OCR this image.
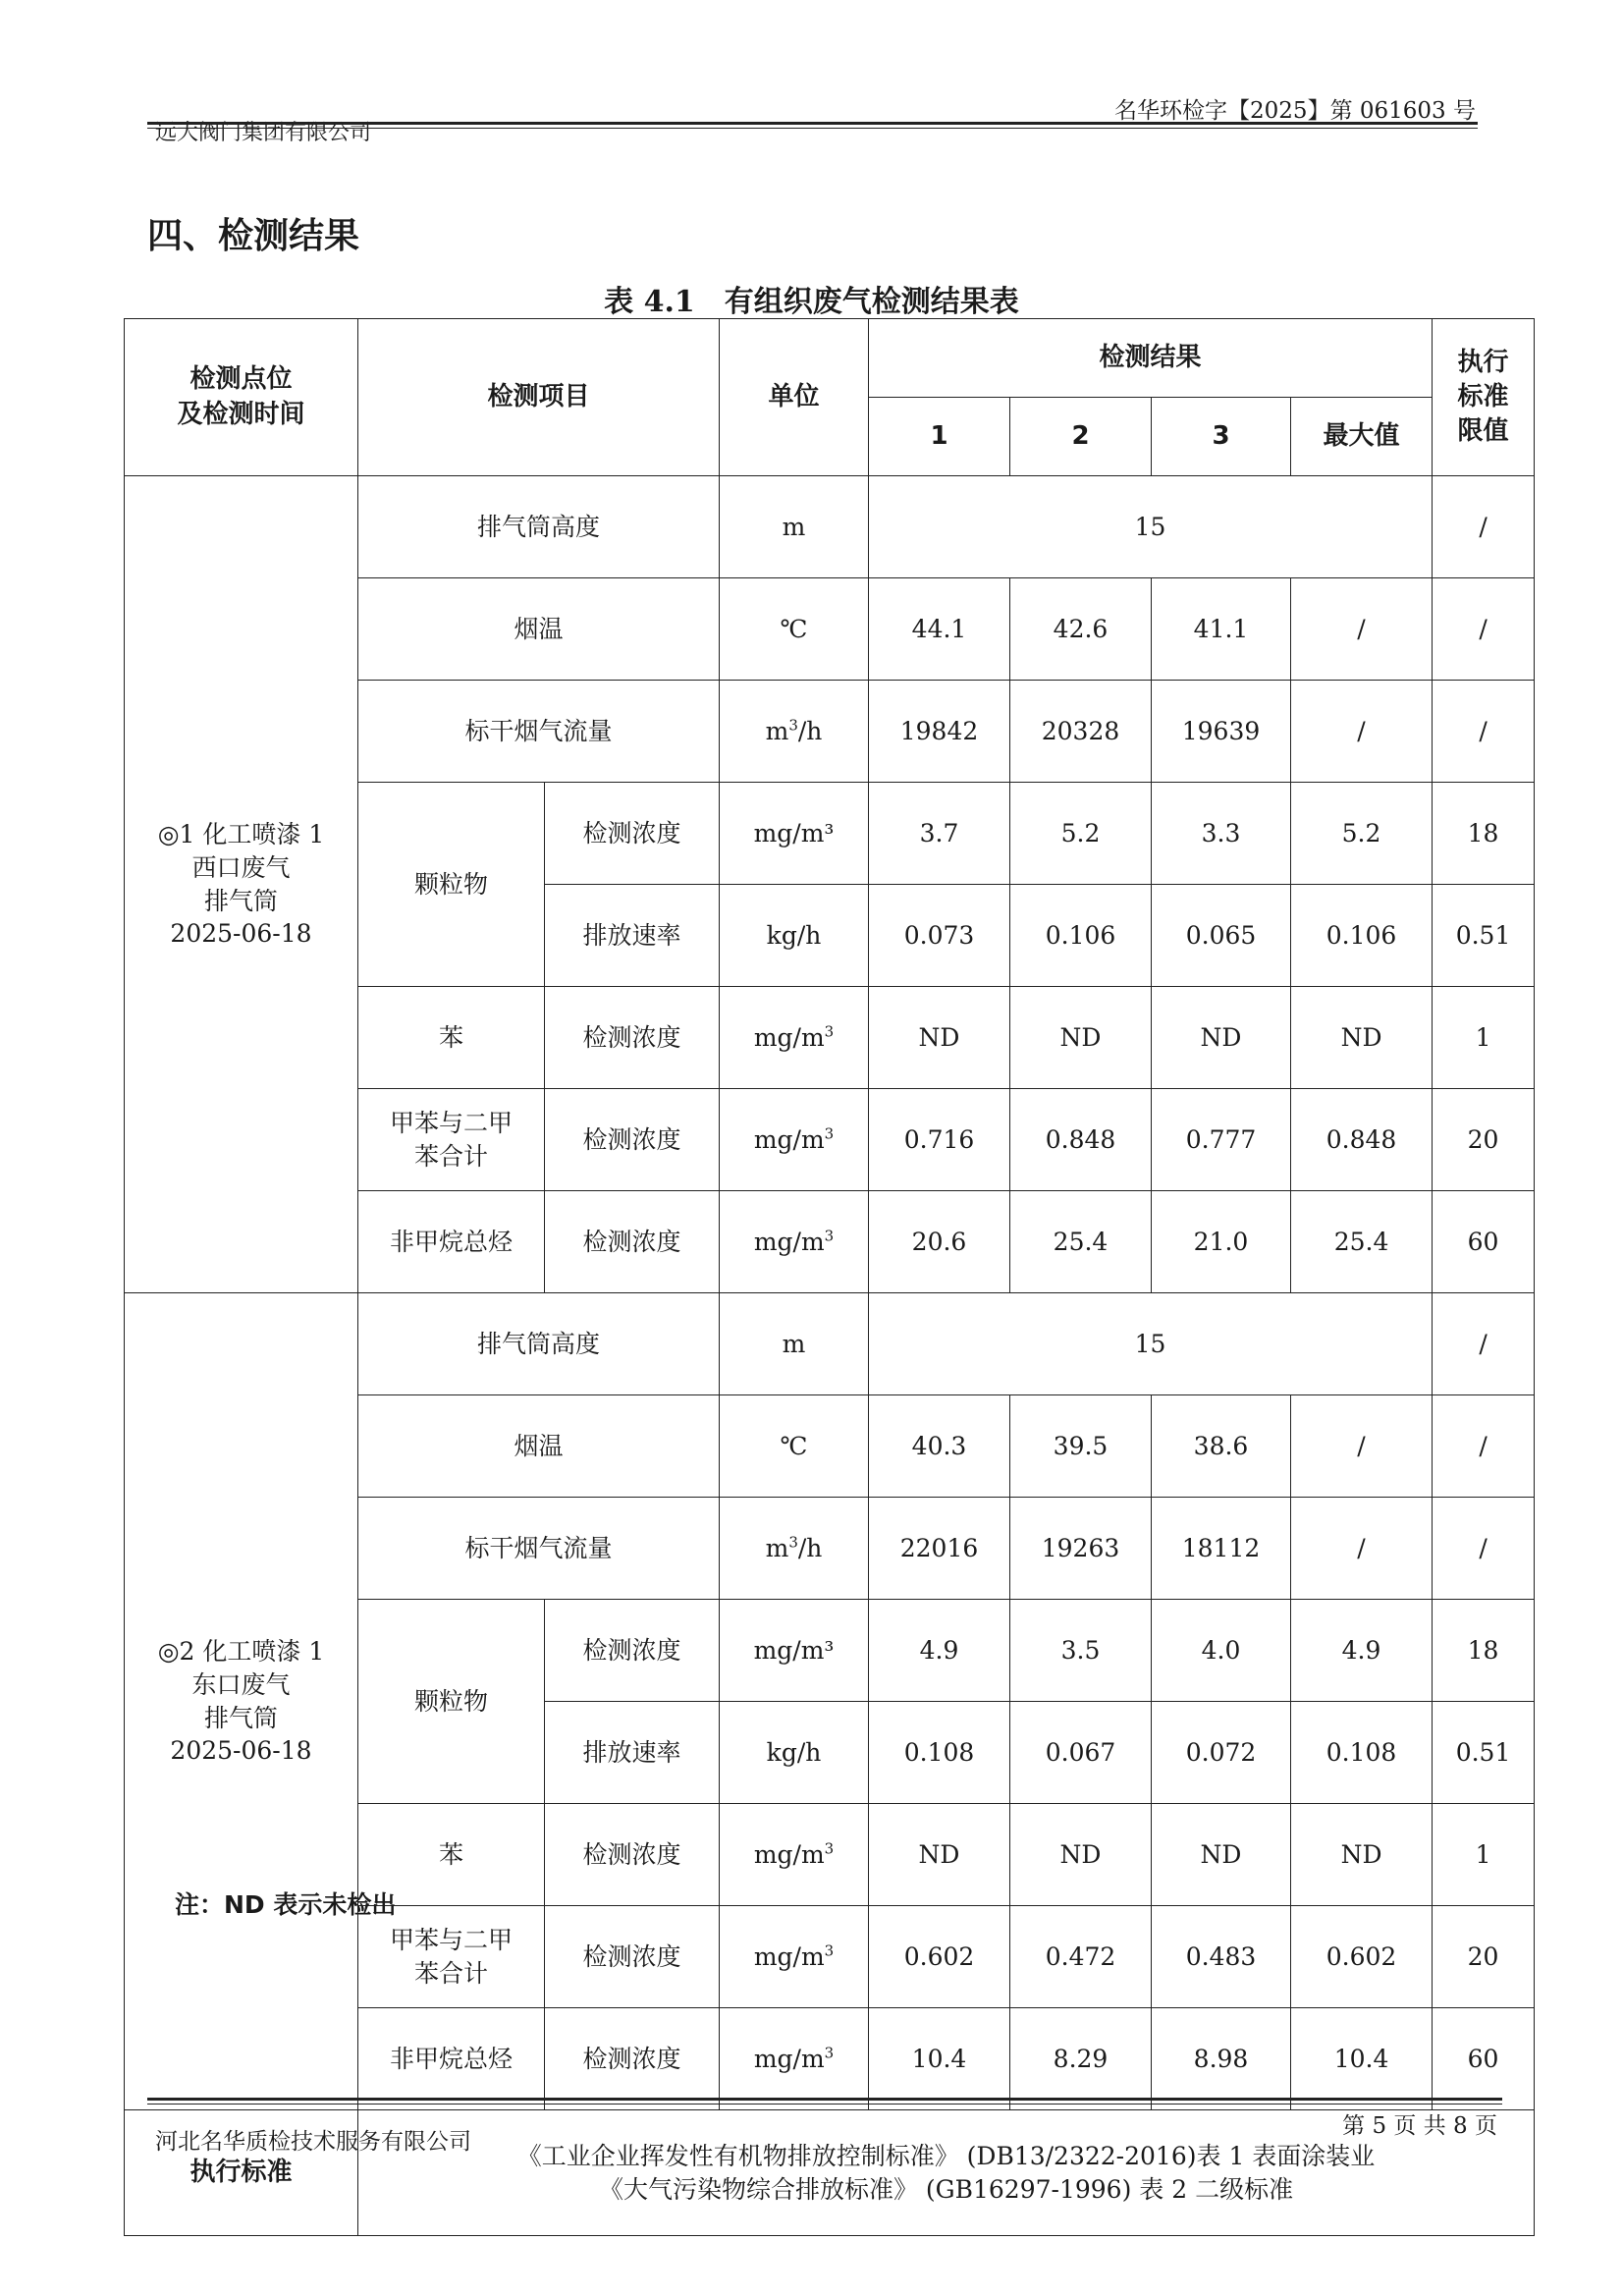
远大阀门集团有限公司
名华环检字【2025】第 061603 号
四、检测结果
表 4.1　有组织废气检测结果表
检测点位
及检测时间	检测项目		单位	检测结果				执行
标准
限值
				1	2	3	最大值	
◎1 化工喷漆 1
西口废气
排气筒
2025-06-18	排气筒高度		m	15				/
	烟温		℃	44.1	42.6	41.1	/	/
	标干烟气流量		$m^3/h$	19842	20328	19639	/	/
	颗粒物	检测浓度	mg/m³	3.7	5.2	3.3	5.2	18
		排放速率	kg/h	0.073	0.106	0.065	0.106	0.51
	苯	检测浓度	$mg/m^3$	ND	ND	ND	ND	1
	甲苯与二甲
苯合计	检测浓度	$mg/m^3$	0.716	0.848	0.777	0.848	20
	非甲烷总烃	检测浓度	$mg/m^3$	20.6	25.4	21.0	25.4	60
◎2 化工喷漆 1
东口废气
排气筒
2025-06-18	排气筒高度		m	15				/
	烟温		℃	40.3	39.5	38.6	/	/
	标干烟气流量		$m^3/h$	22016	19263	18112	/	/
	颗粒物	检测浓度	mg/m³	4.9	3.5	4.0	4.9	18
		排放速率	kg/h	0.108	0.067	0.072	0.108	0.51
	苯	检测浓度	$mg/m^3$	ND	ND	ND	ND	1
	甲苯与二甲
苯合计	检测浓度	$mg/m^3$	0.602	0.472	0.483	0.602	20
	非甲烷总烃	检测浓度	$mg/m^3$	10.4	8.29	8.98	10.4	60
执行标准	《工业企业挥发性有机物排放控制标准》 (DB13/2322-2016)表 1 表面涂装业
《大气污染物综合排放标准》 (GB16297-1996) 表 2 二级标准							
注：ND 表示未检出
河北名华质检技术服务有限公司
第 5 页 共 8 页
